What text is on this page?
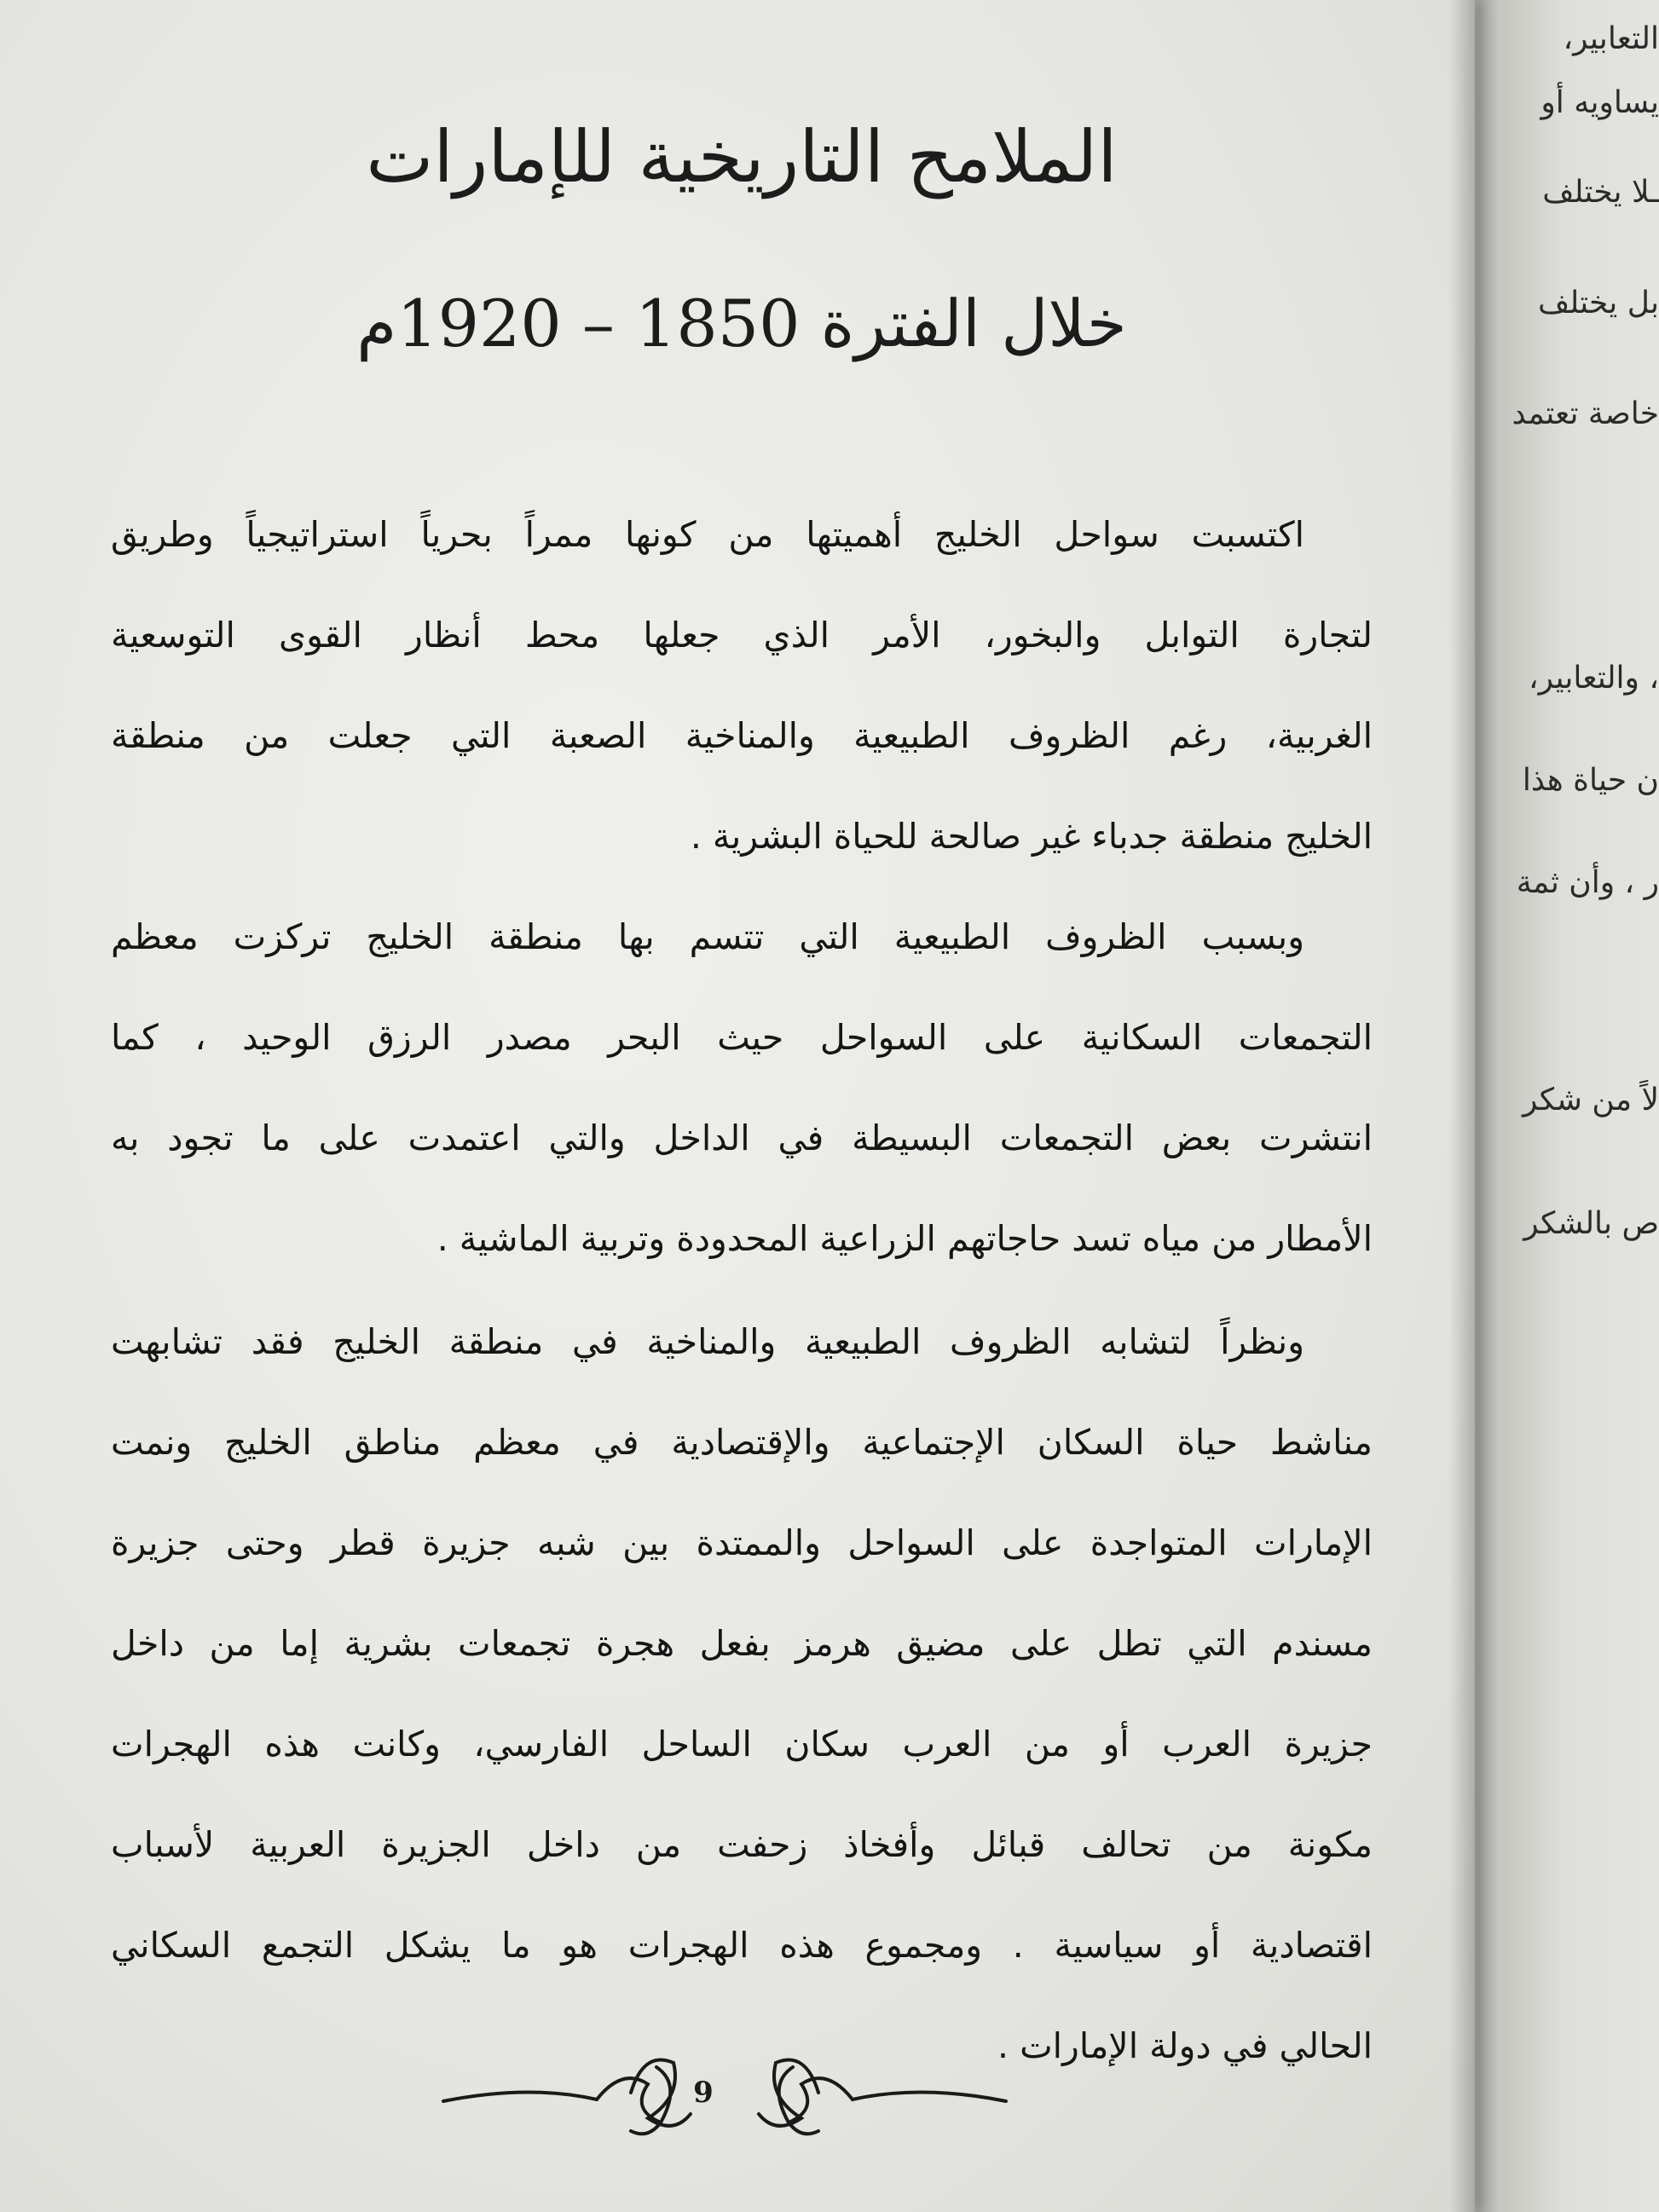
الملامح التاريخية للإمارات
خلال الفترة 1850 – 1920م
اكتسبت سواحل الخليج أهميتها من كونها ممراً بحرياً استراتيجياً وطريق
لتجارة التوابل والبخور، الأمر الذي جعلها محط أنظار القوى التوسعية
الغربية، رغم الظروف الطبيعية والمناخية الصعبة التي جعلت من منطقة
الخليج منطقة جدباء غير صالحة للحياة البشرية .
وبسبب الظروف الطبيعية التي تتسم بها منطقة الخليج تركزت معظم
التجمعات السكانية على السواحل حيث البحر مصدر الرزق الوحيد ، كما
انتشرت بعض التجمعات البسيطة في الداخل والتي اعتمدت على ما تجود به
الأمطار من مياه تسد حاجاتهم الزراعية المحدودة وتربية الماشية .
ونظراً لتشابه الظروف الطبيعية والمناخية في منطقة الخليج فقد تشابهت
مناشط حياة السكان الإجتماعية والإقتصادية في معظم مناطق الخليج ونمت
الإمارات المتواجدة على السواحل والممتدة بين شبه جزيرة قطر وحتى جزيرة
مسندم التي تطل على مضيق هرمز بفعل هجرة تجمعات بشرية إما من داخل
جزيرة العرب أو من العرب سكان الساحل الفارسي، وكانت هذه الهجرات
مكونة من تحالف قبائل وأفخاذ زحفت من داخل الجزيرة العربية لأسباب
اقتصادية أو سياسية . ومجموع هذه الهجرات هو ما يشكل التجمع السكاني
الحالي في دولة الإمارات .
9
التعابير،
يساويه أو
ـلا يختلف
بل يختلف
خاصة تعتمد
، والتعابير،
ن حياة هذا
ر ، وأن ثمة
لاً من شكر
ص بالشكر
